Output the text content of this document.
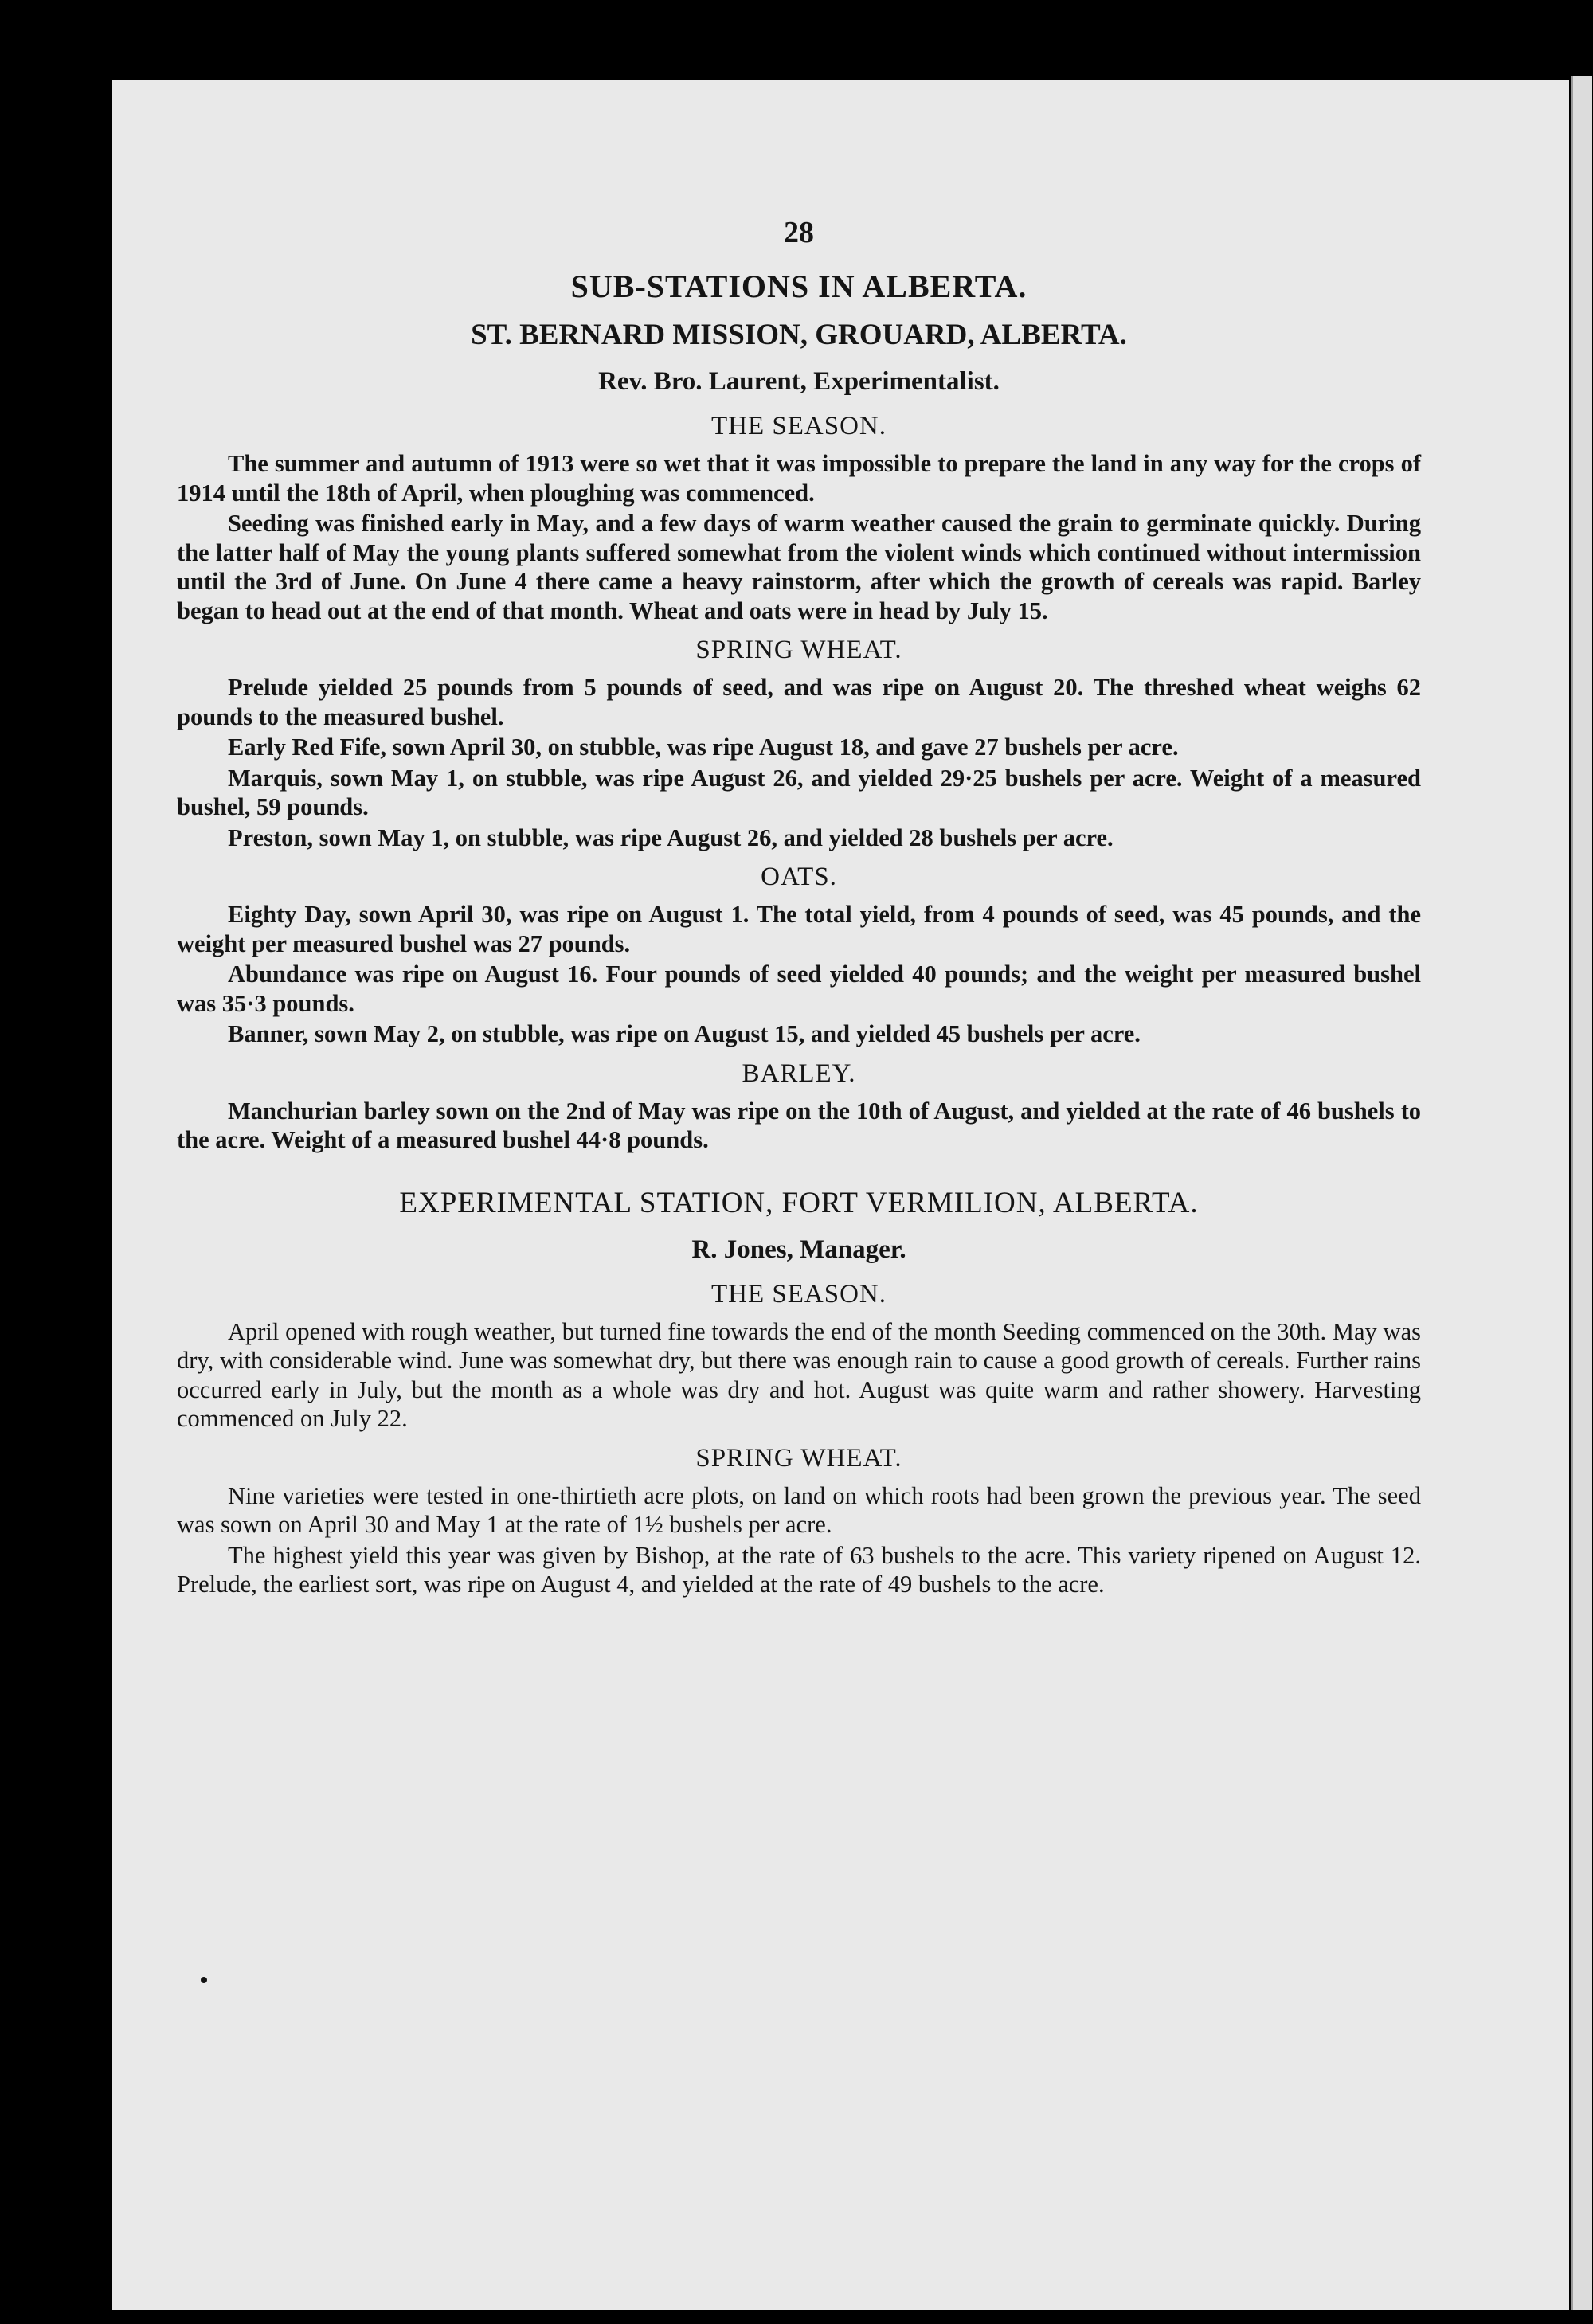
28
SUB-STATIONS IN ALBERTA.
ST. BERNARD MISSION, GROUARD, ALBERTA.
Rev. Bro. Laurent, Experimentalist.
THE SEASON.

The summer and autumn of 1913 were so wet that it was impossible to prepare the land in any way for the crops of 1914 until the 18th of April, when ploughing was commenced.

Seeding was finished early in May, and a few days of warm weather caused the grain to germinate quickly. During the latter half of May the young plants suffered somewhat from the violent winds which continued without intermission until the 3rd of June. On June 4 there came a heavy rainstorm, after which the growth of cereals was rapid. Barley began to head out at the end of that month. Wheat and oats were in head by July 15.

SPRING WHEAT.

Prelude yielded 25 pounds from 5 pounds of seed, and was ripe on August 20. The threshed wheat weighs 62 pounds to the measured bushel.

Early Red Fife, sown April 30, on stubble, was ripe August 18, and gave 27 bushels per acre.

Marquis, sown May 1, on stubble, was ripe August 26, and yielded 29·25 bushels per acre. Weight of a measured bushel, 59 pounds.

Preston, sown May 1, on stubble, was ripe August 26, and yielded 28 bushels per acre.

OATS.

Eighty Day, sown April 30, was ripe on August 1. The total yield, from 4 pounds of seed, was 45 pounds, and the weight per measured bushel was 27 pounds.

Abundance was ripe on August 16. Four pounds of seed yielded 40 pounds; and the weight per measured bushel was 35·3 pounds.

Banner, sown May 2, on stubble, was ripe on August 15, and yielded 45 bushels per acre.

BARLEY.

Manchurian barley sown on the 2nd of May was ripe on the 10th of August, and yielded at the rate of 46 bushels to the acre. Weight of a measured bushel 44·8 pounds.

EXPERIMENTAL STATION, FORT VERMILION, ALBERTA.
R. Jones, Manager.
THE SEASON.

April opened with rough weather, but turned fine towards the end of the month Seeding commenced on the 30th. May was dry, with considerable wind. June was somewhat dry, but there was enough rain to cause a good growth of cereals. Further rains occurred early in July, but the month as a whole was dry and hot. August was quite warm and rather showery. Harvesting commenced on July 22.

SPRING WHEAT.

Nine varieties were tested in one-thirtieth acre plots, on land on which roots had been grown the previous year. The seed was sown on April 30 and May 1 at the rate of 1½ bushels per acre.

The highest yield this year was given by Bishop, at the rate of 63 bushels to the acre. This variety ripened on August 12. Prelude, the earliest sort, was ripe on August 4, and yielded at the rate of 49 bushels to the acre.
